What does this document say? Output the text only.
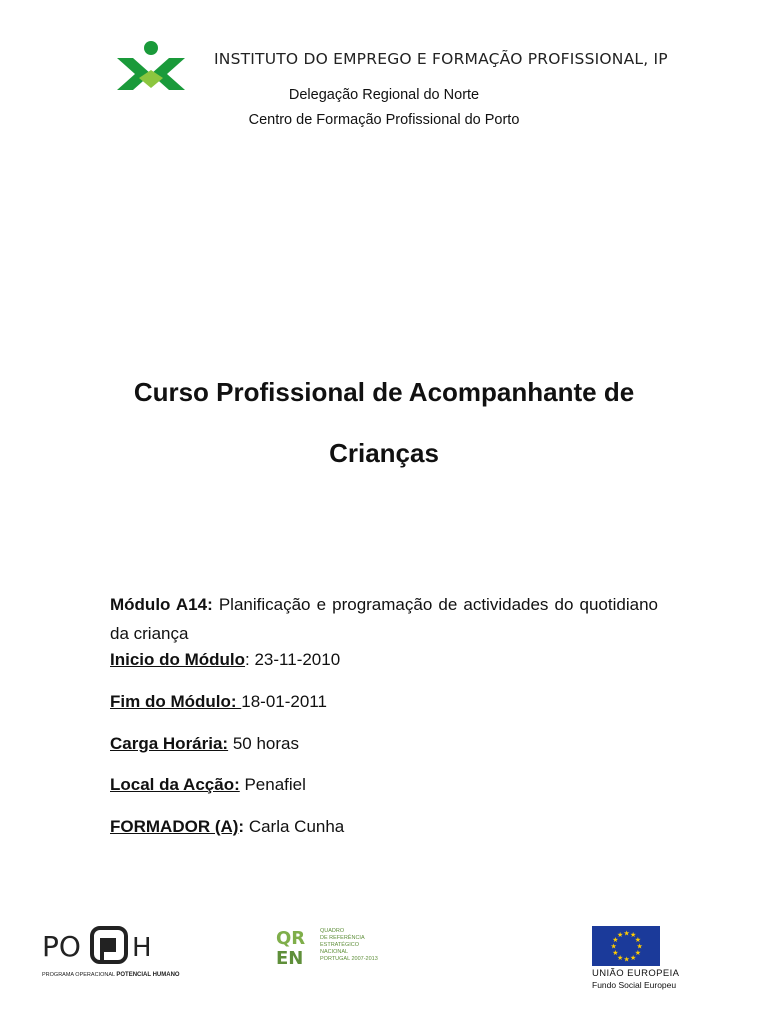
INSTITUTO DO EMPREGO E FORMAÇÃO PROFISSIONAL, IP
Delegação Regional do Norte
Centro de Formação Profissional do Porto
Curso Profissional de Acompanhante de
Crianças
Módulo A14: Planificação e programação de actividades do quotidiano da criança
Inicio do Módulo: 23-11-2010
Fim do Módulo: 18-01-2011
Carga Horária: 50 horas
Local da Acção: Penafiel
FORMADOR (A): Carla Cunha
PO H
PROGRAMA OPERACIONAL POTENCIAL HUMANO
QR
EN
QUADRO
DE REFERÊNCIA
ESTRATÉGICO
NACIONAL
PORTUGAL 2007-2013
★
★
★
★
★
★
★
★
★ ★ ★
★
UNIÃO EUROPEIA
Fundo Social Europeu
